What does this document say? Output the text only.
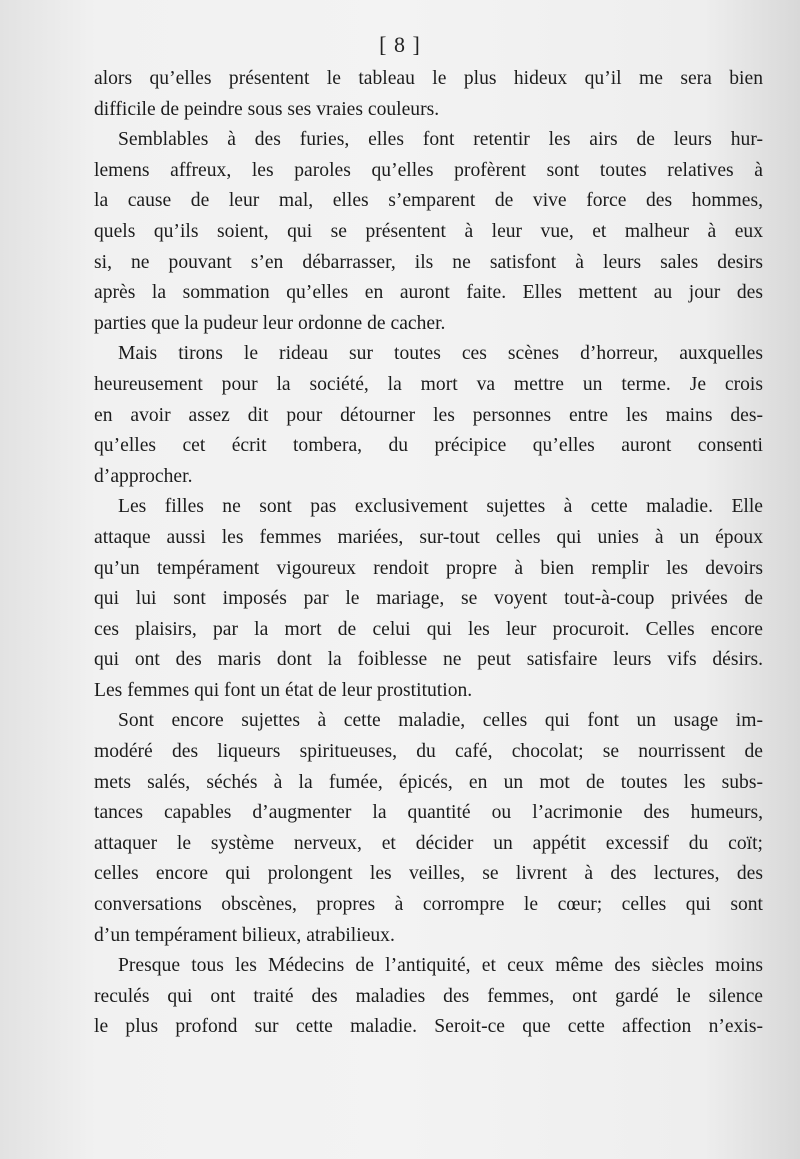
[ 8 ]
alors qu’elles présentent le tableau le plus hideux qu’il me sera bien
difficile de peindre sous ses vraies couleurs.
Semblables à des furies, elles font retentir les airs de leurs hur-
lemens affreux, les paroles qu’elles profèrent sont toutes relatives à
la cause de leur mal, elles s’emparent de vive force des hommes,
quels qu’ils soient, qui se présentent à leur vue, et malheur à eux
si, ne pouvant s’en débarrasser, ils ne satisfont à leurs sales desirs
après la sommation qu’elles en auront faite. Elles mettent au jour des
parties que la pudeur leur ordonne de cacher.
Mais tirons le rideau sur toutes ces scènes d’horreur, auxquelles
heureusement pour la société, la mort va mettre un terme. Je crois
en avoir assez dit pour détourner les personnes entre les mains des-
qu’elles cet écrit tombera, du précipice qu’elles auront consenti
d’approcher.
Les filles ne sont pas exclusivement sujettes à cette maladie. Elle
attaque aussi les femmes mariées, sur-tout celles qui unies à un époux
qu’un tempérament vigoureux rendoit propre à bien remplir les devoirs
qui lui sont imposés par le mariage, se voyent tout-à-coup privées de
ces plaisirs, par la mort de celui qui les leur procuroit. Celles encore
qui ont des maris dont la foiblesse ne peut satisfaire leurs vifs désirs.
Les femmes qui font un état de leur prostitution.
Sont encore sujettes à cette maladie, celles qui font un usage im-
modéré des liqueurs spiritueuses, du café, chocolat; se nourrissent de
mets salés, séchés à la fumée, épicés, en un mot de toutes les subs-
tances capables d’augmenter la quantité ou l’acrimonie des humeurs,
attaquer le système nerveux, et décider un appétit excessif du coït;
celles encore qui prolongent les veilles, se livrent à des lectures, des
conversations obscènes, propres à corrompre le cœur; celles qui sont
d’un tempérament bilieux, atrabilieux.
Presque tous les Médecins de l’antiquité, et ceux même des siècles moins
reculés qui ont traité des maladies des femmes, ont gardé le silence
le plus profond sur cette maladie. Seroit-ce que cette affection n’exis-
